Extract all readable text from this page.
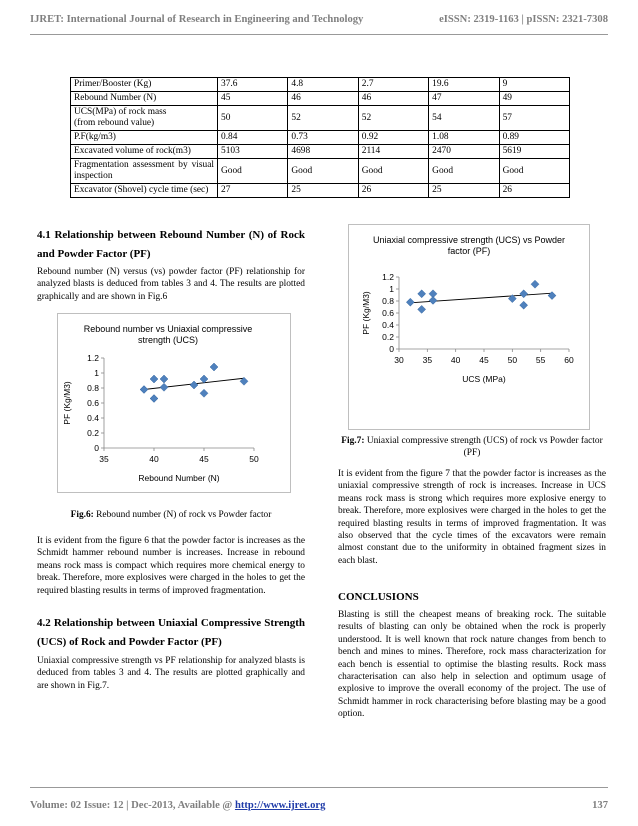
IJRET: International Journal of Research in Engineering and Technology	eISSN: 2319-1163 | pISSN: 2321-7308
Primer/Booster (Kg)	37.6	4.8	2.7	19.6	9
Rebound Number (N)	45	46	46	47	49
UCS(MPa) of rock mass
(from rebound value)	50	52	52	54	57
P.F(kg/m3)	0.84	0.73	0.92	1.08	0.89
Excavated volume of rock(m3)	5103	4698	2114	2470	5619
Fragmentation assessment by visual inspection	Good	Good	Good	Good	Good
Excavator (Shovel) cycle time (sec)	27	25	26	25	26
4.1 Relationship between Rebound Number (N) of Rock and Powder Factor (PF)
Rebound number (N) versus (vs) powder factor (PF) relationship for analyzed blasts is deduced from tables 3 and 4. The results are plotted graphically and are shown in Fig.6
Rebound number vs Uniaxial compressive
strength (UCS)
0
0.2
0.4
0.6
0.8
1
1.2
35	40	45	50
Rebound Number (N)
PF (Kg/M3)
Fig.6: Rebound number (N) of rock vs Powder factor
It is evident from the figure 6 that the powder factor is increases as the Schmidt hammer rebound number is increases. Increase in rebound means rock mass is compact which requires more chemical energy to break. Therefore, more explosives were charged in the holes to get the required blasting results in terms of improved fragmentation.
4.2 Relationship between Uniaxial Compressive Strength (UCS) of Rock and Powder Factor (PF)
Uniaxial compressive strength vs PF relationship for analyzed blasts is deduced from tables 3 and 4. The results are plotted graphically and are shown in Fig.7.
Uniaxial compressive strength (UCS) vs Powder
factor (PF)
0
0.2
0.4
0.6
0.8
1
1.2
30 35 40 45 50 55 60
UCS (MPa)
PF (Kg/M3)
Fig.7: Uniaxial compressive strength (UCS) of rock vs Powder factor (PF)
It is evident from the figure 7 that the powder factor is increases as the uniaxial compressive strength of rock is increases. Increase in UCS means rock mass is strong which requires more explosive energy to break. Therefore, more explosives were charged in the holes to get the required blasting results in terms of improved fragmentation. It was also observed that the cycle times of the excavators were remain almost constant due to the uniformity in obtained fragment sizes in each blast.
CONCLUSIONS
Blasting is still the cheapest means of breaking rock. The suitable results of blasting can only be obtained when the rock is properly understood. It is well known that rock nature changes from bench to bench and mines to mines. Therefore, rock mass characterization for each bench is essential to optimise the blasting results. Rock mass characterisation can also help in selection and optimum usage of explosive to improve the overall economy of the project. The use of Schmidt hammer in rock characterising before blasting may be a good option.
Volume: 02 Issue: 12 | Dec-2013, Available @ http://www.ijret.org	137
